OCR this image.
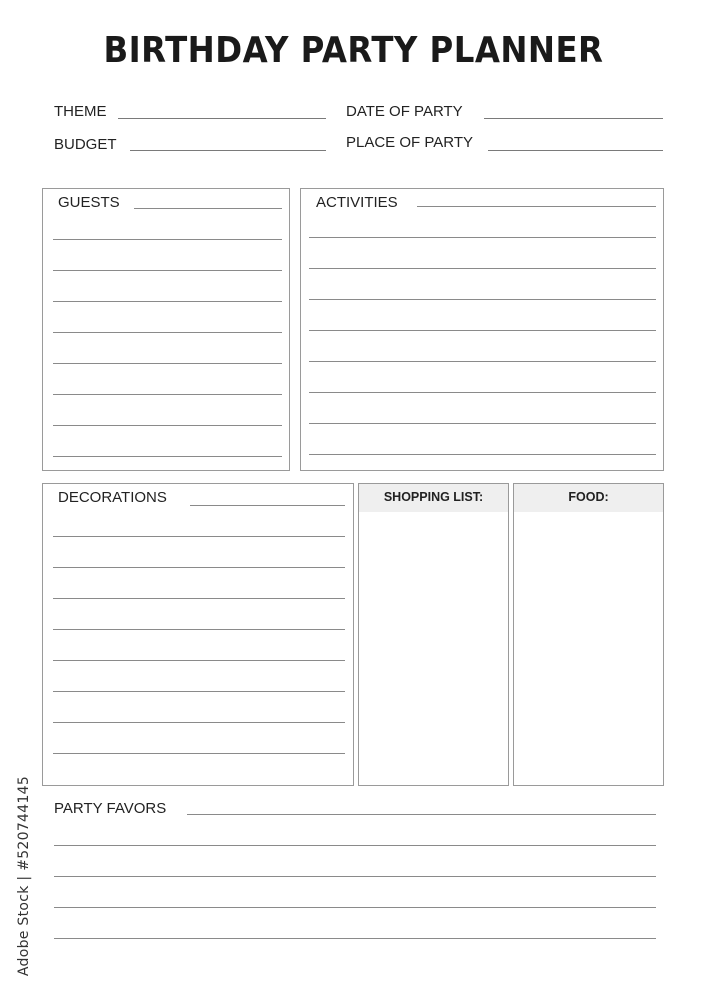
BIRTHDAY PARTY PLANNER
THEME	DATE OF PARTY
BUDGET	PLACE OF PARTY
GUESTS	ACTIVITIES
DECORATIONS	SHOPPING LIST:	FOOD:
PARTY FAVORS
Adobe Stock | #520744145
